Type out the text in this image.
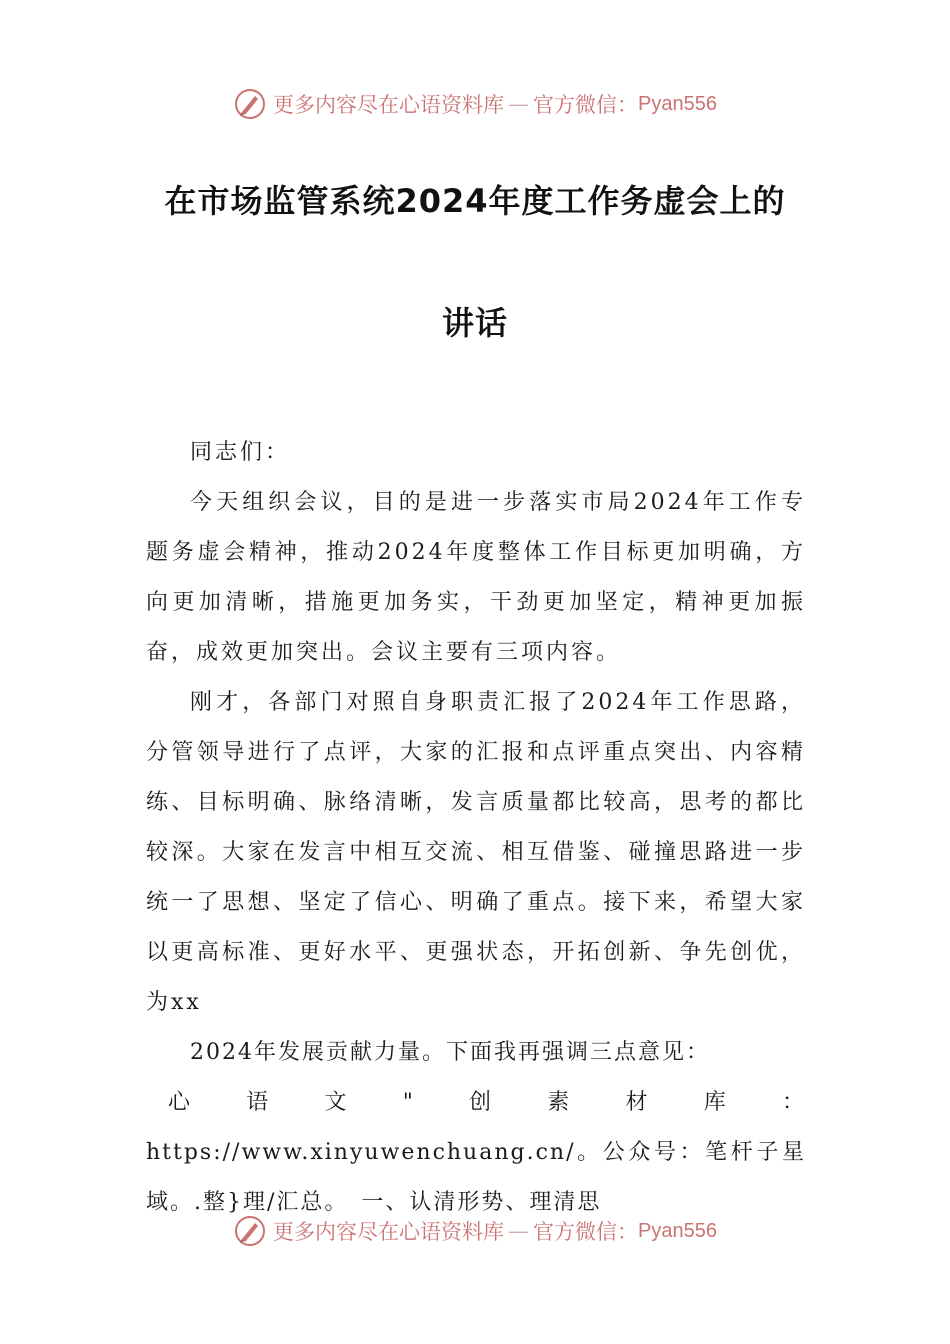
更多内容尽在心语资料库 — 官方微信： Pyan556
在市场监管系统2024年度工作务虚会上的
讲话

同志们：

今天组织会议，目的是进一步落实市局2024年工作专题务虚会精神，推动2024年度整体工作目标更加明确，方向更加清晰，措施更加务实，干劲更加坚定，精神更加振奋，成效更加突出。会议主要有三项内容。

刚才，各部门对照自身职责汇报了2024年工作思路，分管领导进行了点评，大家的汇报和点评重点突出、内容精练、目标明确、脉络清晰，发言质量都比较高，思考的都比较深。大家在发言中相互交流、相互借鉴、碰撞思路进一步统一了思想、坚定了信心、明确了重点。接下来，希望大家以更高标准、更好水平、更强状态，开拓创新、争先创优，为xx

2024年发展贡献力量。下面我再强调三点意见：

心语文"创素材库：https://www.xinyuwenchuang.cn/。公众号：笔杆子星域。.整}理/汇总。　一、认清形势、理清思

更多内容尽在心语资料库 — 官方微信： Pyan556
